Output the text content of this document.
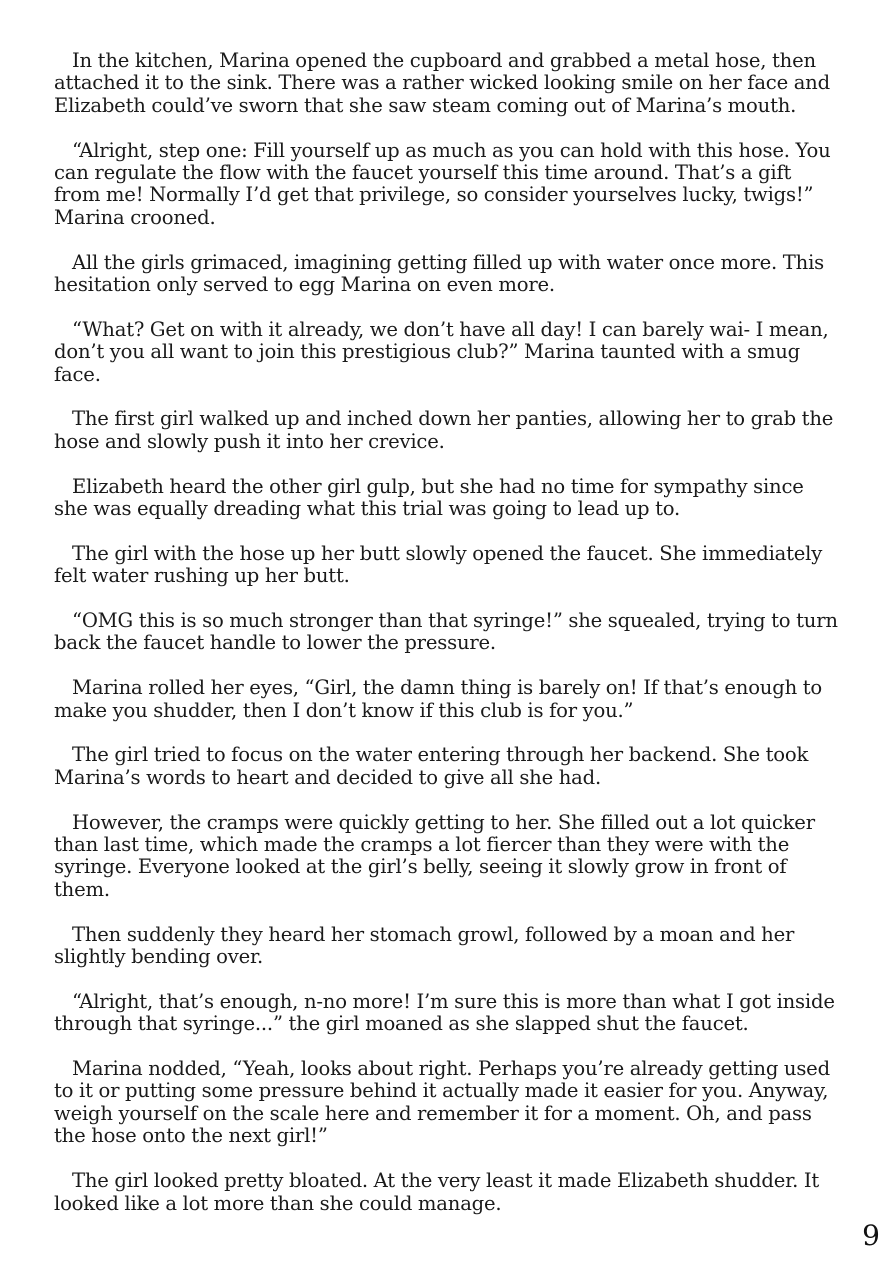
In the kitchen, Marina opened the cupboard and grabbed a metal hose, then attached it to the sink. There was a rather wicked looking smile on her face and Elizabeth could’ve sworn that she saw steam coming out of Marina’s mouth.

“Alright, step one: Fill yourself up as much as you can hold with this hose. You can regulate the flow with the faucet yourself this time around. That’s a gift from me! Normally I’d get that privilege, so consider yourselves lucky, twigs!” Marina crooned.

All the girls grimaced, imagining getting filled up with water once more. This hesitation only served to egg Marina on even more.

“What? Get on with it already, we don’t have all day! I can barely wai- I mean, don’t you all want to join this prestigious club?” Marina taunted with a smug face.

The first girl walked up and inched down her panties, allowing her to grab the hose and slowly push it into her crevice.

Elizabeth heard the other girl gulp, but she had no time for sympathy since she was equally dreading what this trial was going to lead up to.

The girl with the hose up her butt slowly opened the faucet. She immediately felt water rushing up her butt.

“OMG this is so much stronger than that syringe!” she squealed, trying to turn back the faucet handle to lower the pressure.

Marina rolled her eyes, “Girl, the damn thing is barely on! If that’s enough to make you shudder, then I don’t know if this club is for you.”

The girl tried to focus on the water entering through her backend. She took Marina’s words to heart and decided to give all she had.

However, the cramps were quickly getting to her. She filled out a lot quicker than last time, which made the cramps a lot fiercer than they were with the syringe. Everyone looked at the girl’s belly, seeing it slowly grow in front of them.

Then suddenly they heard her stomach growl, followed by a moan and her slightly bending over.

“Alright, that’s enough, n-no more! I’m sure this is more than what I got inside through that syringe...” the girl moaned as she slapped shut the faucet.

Marina nodded, “Yeah, looks about right. Perhaps you’re already getting used to it or putting some pressure behind it actually made it easier for you. Anyway, weigh yourself on the scale here and remember it for a moment. Oh, and pass the hose onto the next girl!”

The girl looked pretty bloated. At the very least it made Elizabeth shudder. It looked like a lot more than she could manage.

9
